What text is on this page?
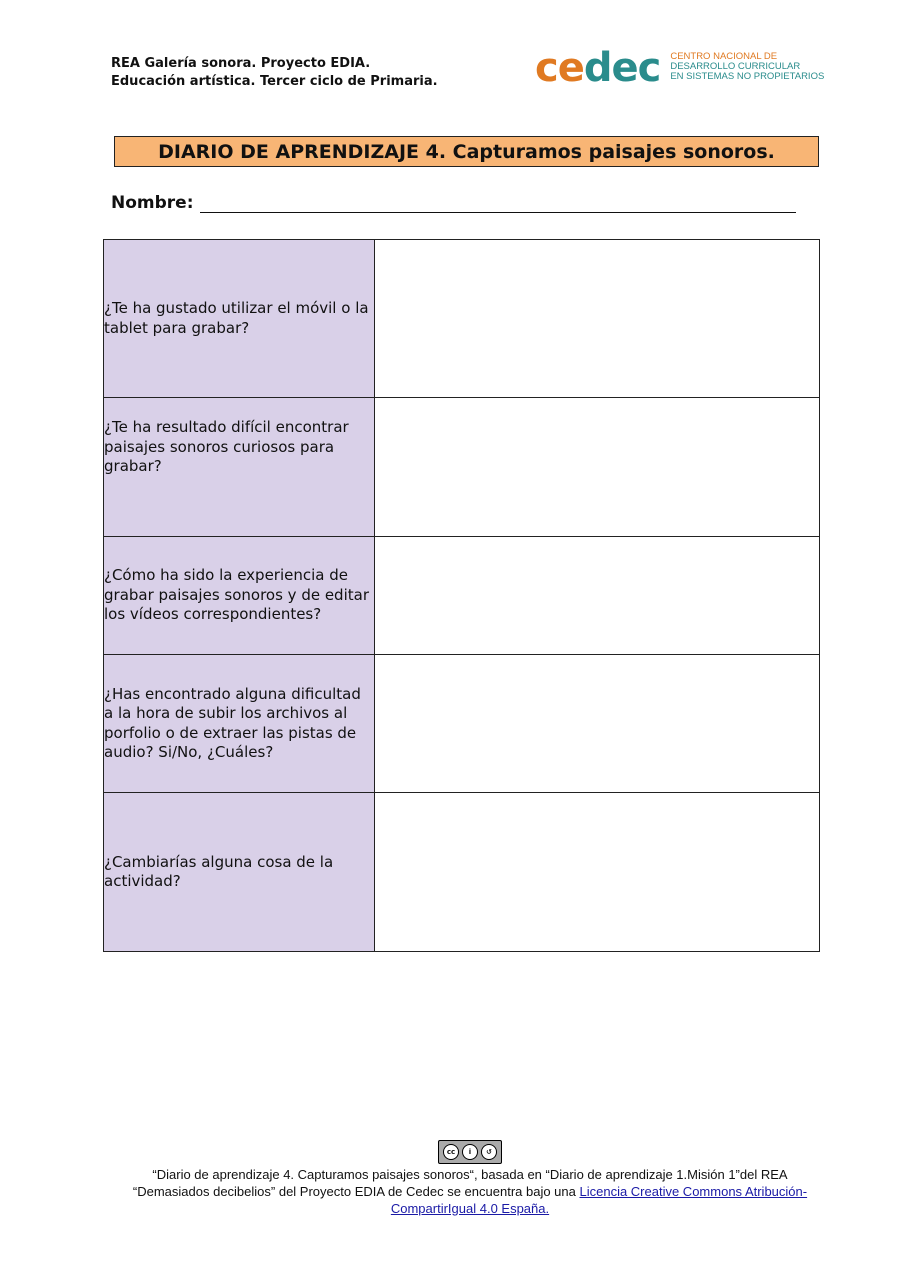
REA Galería sonora. Proyecto EDIA.
Educación artística. Tercer ciclo de Primaria. cedec CENTRO NACIONAL DE
DESARROLLO CURRICULAR
EN SISTEMAS NO PROPIETARIOS
DIARIO DE APRENDIZAJE 4. Capturamos paisajes sonoros.
Nombre:
¿Te ha gustado utilizar el móvil o la tablet para grabar?	
¿Te ha resultado difícil encontrar paisajes sonoros curiosos para grabar?	
¿Cómo ha sido la experiencia de grabar paisajes sonoros y de editar los vídeos correspondientes?	
¿Has encontrado alguna dificultad a la hora de subir los archivos al porfolio o de extraer las pistas de audio? Si/No, ¿Cuáles?	
¿Cambiarías alguna cosa de la actividad?	
cc	i	↺
“Diario de aprendizaje 4. Capturamos paisajes sonoros“, basada en “Diario de aprendizaje 1.Misión 1”del REA “Demasiados decibelios” del Proyecto EDIA de Cedec se encuentra bajo una Licencia Creative Commons Atribución-CompartirIgual 4.0 España.
